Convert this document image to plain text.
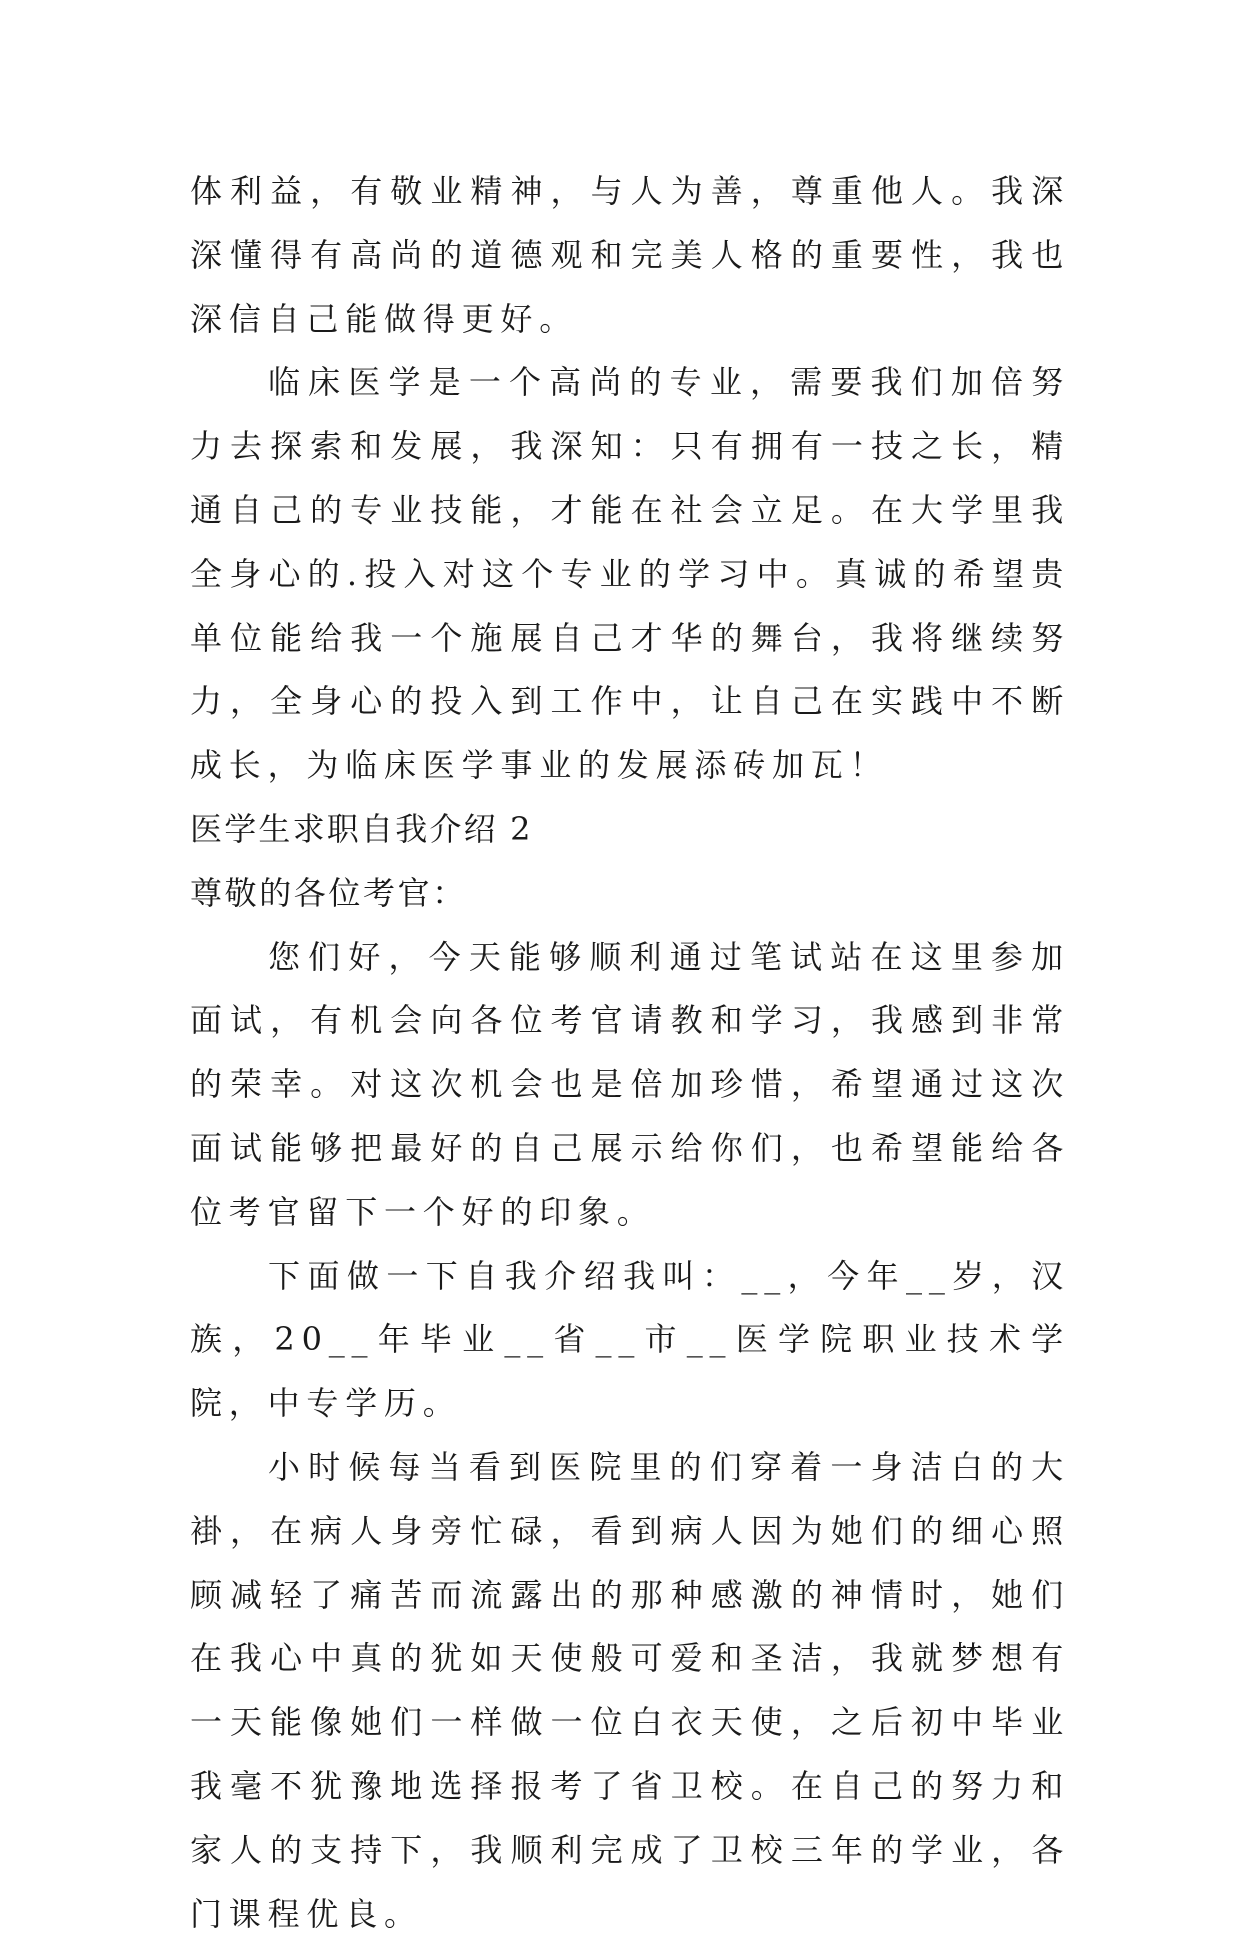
体利益，有敬业精神，与人为善，尊重他人。我深深懂得有高尚的道德观和完美人格的重要性，我也深信自己能做得更好。

临床医学是一个高尚的专业，需要我们加倍努力去探索和发展，我深知：只有拥有一技之长，精通自己的专业技能，才能在社会立足。在大学里我全身心的.投入对这个专业的学习中。真诚的希望贵单位能给我一个施展自己才华的舞台，我将继续努力，全身心的投入到工作中，让自己在实践中不断成长，为临床医学事业的发展添砖加瓦！

医学生求职自我介绍 2

尊敬的各位考官：

您们好，今天能够顺利通过笔试站在这里参加面试，有机会向各位考官请教和学习，我感到非常的荣幸。对这次机会也是倍加珍惜，希望通过这次面试能够把最好的自己展示给你们，也希望能给各位考官留下一个好的印象。

下面做一下自我介绍我叫：__，今年__岁，汉族，20__年毕业__省__市__医学院职业技术学院，中专学历。

小时候每当看到医院里的们穿着一身洁白的大褂，在病人身旁忙碌，看到病人因为她们的细心照顾减轻了痛苦而流露出的那种感激的神情时，她们在我心中真的犹如天使般可爱和圣洁，我就梦想有一天能像她们一样做一位白衣天使，之后初中毕业我毫不犹豫地选择报考了省卫校。在自己的努力和家人的支持下，我顺利完成了卫校三年的学业，各门课程优良。
